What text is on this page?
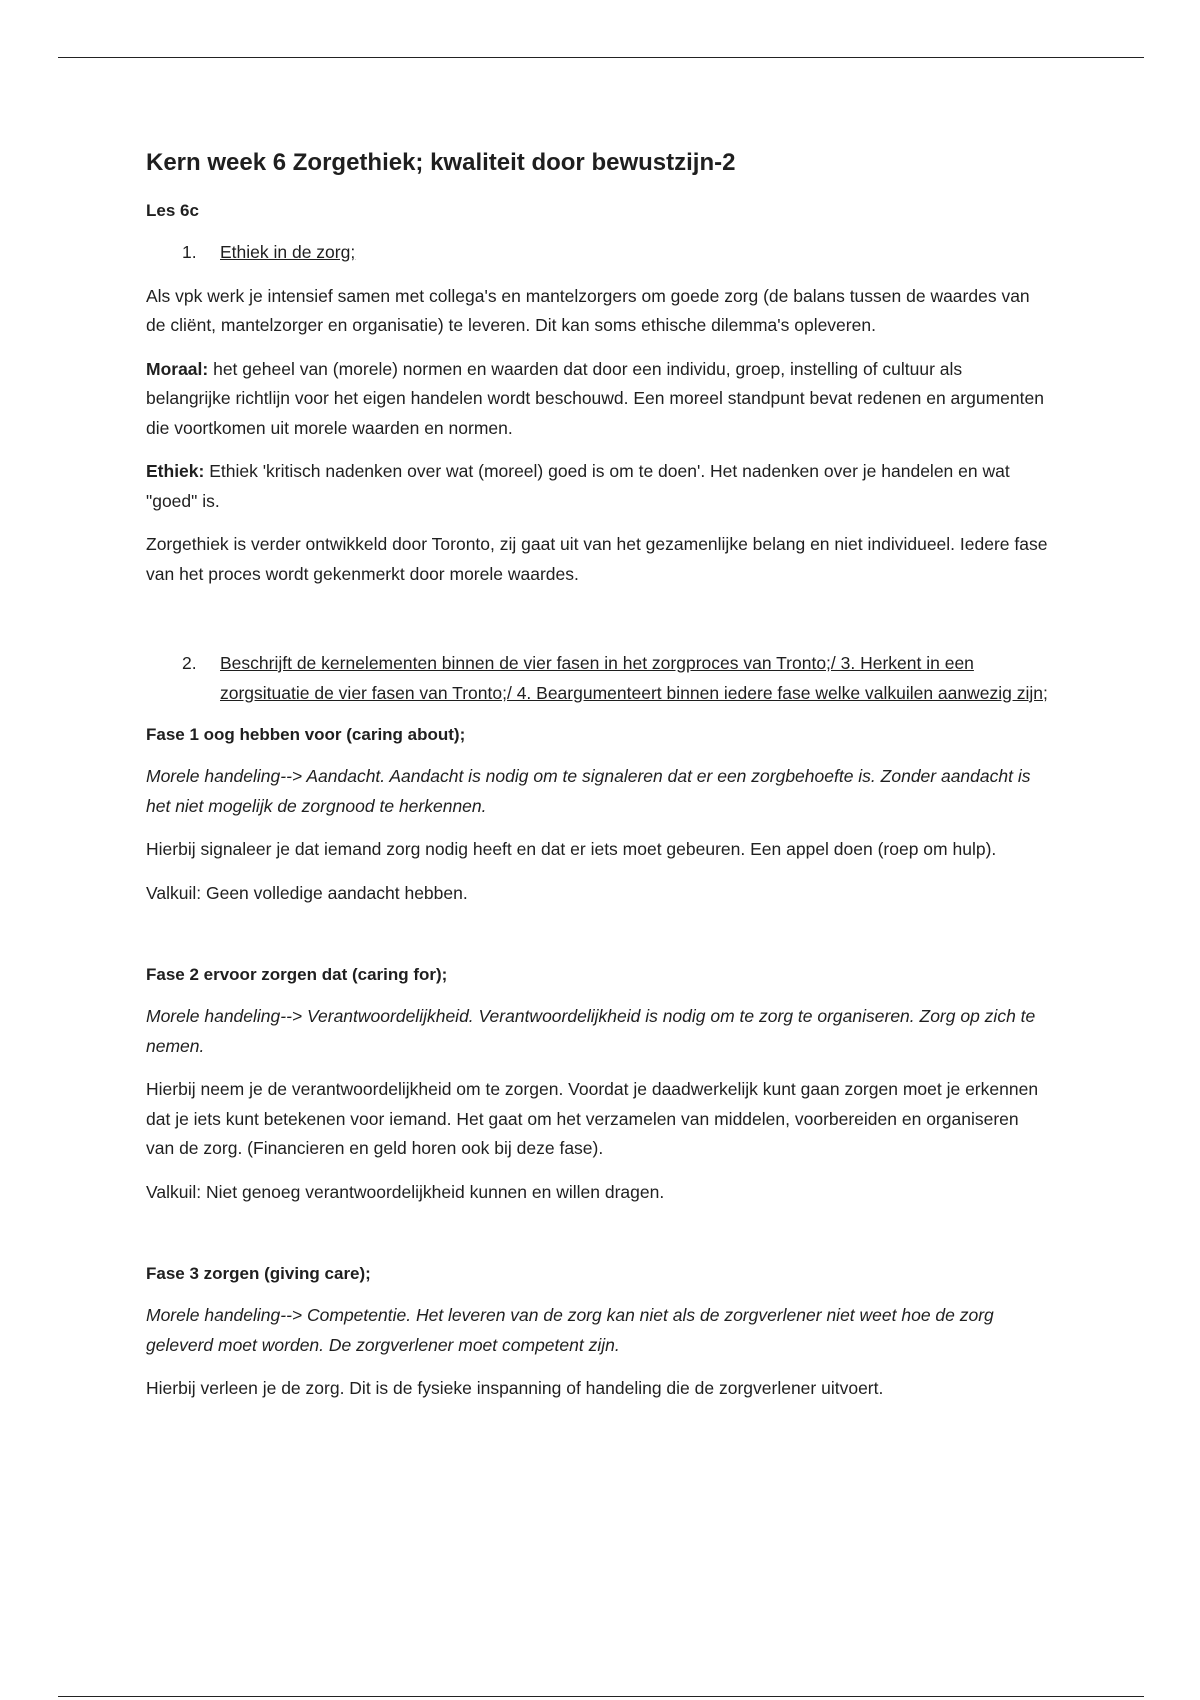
Kern week 6 Zorgethiek; kwaliteit door bewustzijn-2
Les 6c
1.	Ethiek in de zorg;

Als vpk werk je intensief samen met collega's en mantelzorgers om goede zorg (de balans tussen de waardes van de cliënt, mantelzorger en organisatie) te leveren. Dit kan soms ethische dilemma's opleveren.

Moraal: het geheel van (morele) normen en waarden dat door een individu, groep, instelling of cultuur als belangrijke richtlijn voor het eigen handelen wordt beschouwd. Een moreel standpunt bevat redenen en argumenten die voortkomen uit morele waarden en normen.

Ethiek: Ethiek 'kritisch nadenken over wat (moreel) goed is om te doen'. Het nadenken over je handelen en wat "goed" is.

Zorgethiek is verder ontwikkeld door Toronto, zij gaat uit van het gezamenlijke belang en niet individueel. Iedere fase van het proces wordt gekenmerkt door morele waardes.

2.	Beschrijft de kernelementen binnen de vier fasen in het zorgproces van Tronto;/ 3. Herkent in een zorgsituatie de vier fasen van Tronto;/ 4. Beargumenteert binnen iedere fase welke valkuilen aanwezig zijn;
Fase 1 oog hebben voor (caring about);

Morele handeling--> Aandacht. Aandacht is nodig om te signaleren dat er een zorgbehoefte is. Zonder aandacht is het niet mogelijk de zorgnood te herkennen.

Hierbij signaleer je dat iemand zorg nodig heeft en dat er iets moet gebeuren. Een appel doen (roep om hulp).

Valkuil: Geen volledige aandacht hebben.

Fase 2 ervoor zorgen dat (caring for);

Morele handeling--> Verantwoordelijkheid. Verantwoordelijkheid is nodig om te zorg te organiseren. Zorg op zich te nemen.

Hierbij neem je de verantwoordelijkheid om te zorgen. Voordat je daadwerkelijk kunt gaan zorgen moet je erkennen dat je iets kunt betekenen voor iemand. Het gaat om het verzamelen van middelen, voorbereiden en organiseren van de zorg. (Financieren en geld horen ook bij deze fase).

Valkuil: Niet genoeg verantwoordelijkheid kunnen en willen dragen.

Fase 3 zorgen (giving care);

Morele handeling--> Competentie. Het leveren van de zorg kan niet als de zorgverlener niet weet hoe de zorg geleverd moet worden. De zorgverlener moet competent zijn.

Hierbij verleen je de zorg. Dit is de fysieke inspanning of handeling die de zorgverlener uitvoert.
